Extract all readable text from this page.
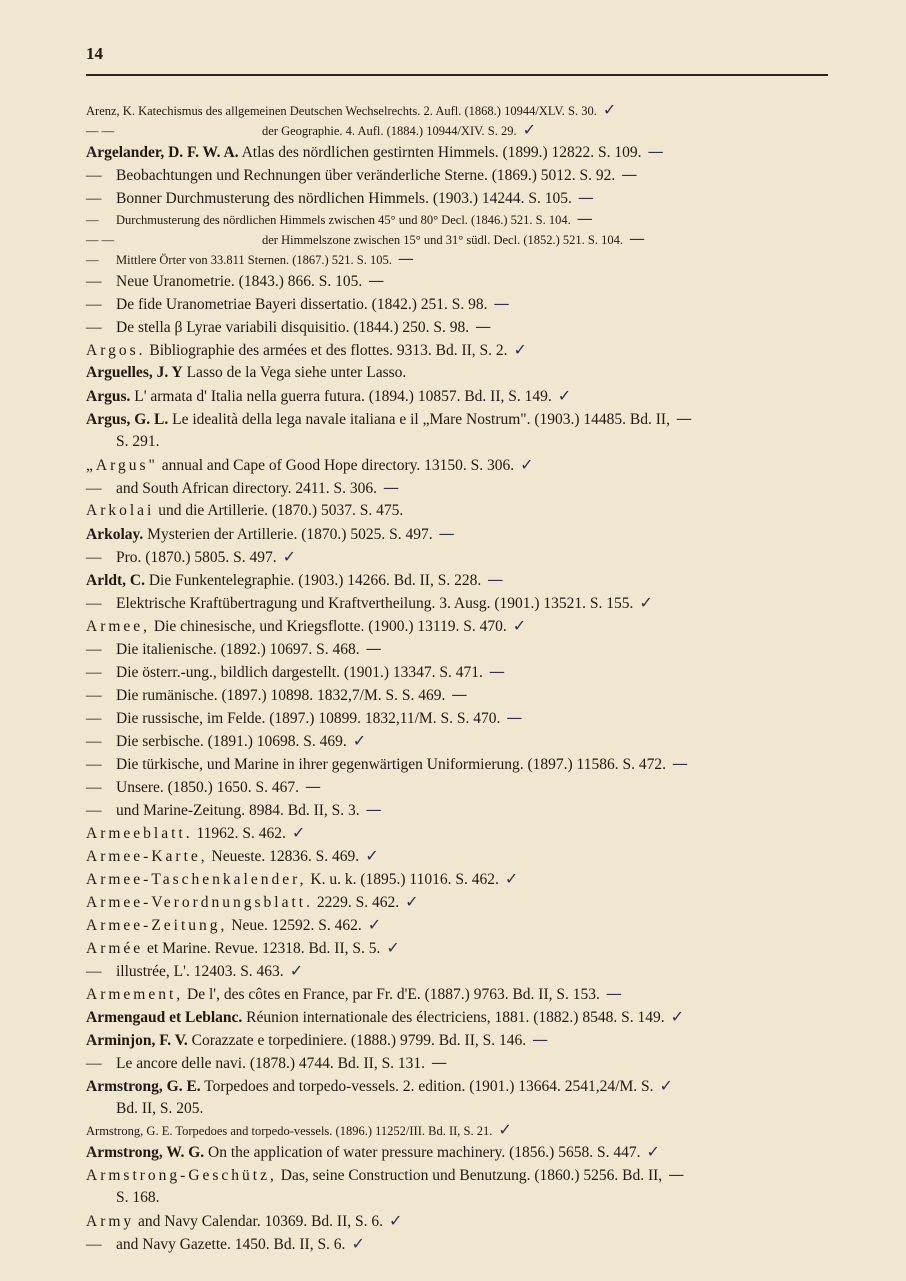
14
Arenz, K. Katechismus des allgemeinen Deutschen Wechselrechts. 2. Aufl. (1868.) 10944/XLV. S. 30. ✓
— —	der Geographie. 4. Aufl. (1884.) 10944/XIV. S. 29. ✓
Argelander, D. F. W. A. Atlas des nördlichen gestirnten Himmels. (1899.) 12822. S. 109. —
— Beobachtungen und Rechnungen über veränderliche Sterne. (1869.) 5012. S. 92. —
— Bonner Durchmusterung des nördlichen Himmels. (1903.) 14244. S. 105. —
— Durchmusterung des nördlichen Himmels zwischen 45° und 80° Decl. (1846.) 521. S. 104. —
— —	der Himmelszone zwischen 15° und 31° südl. Decl. (1852.) 521. S. 104. —
— Mittlere Örter von 33.811 Sternen. (1867.) 521. S. 105. —
— Neue Uranometrie. (1843.) 866. S. 105. —
— De fide Uranometriae Bayeri dissertatio. (1842.) 251. S. 98. —
— De stella β Lyrae variabili disquisitio. (1844.) 250. S. 98. —
Argos. Bibliographie des armées et des flottes. 9313. Bd. II, S. 2. ✓
Arguelles, J. Y Lasso de la Vega siehe unter Lasso.
Argus. L' armata d' Italia nella guerra futura. (1894.) 10857. Bd. II, S. 149. ✓
Argus, G. L. Le idealità della lega navale italiana e il „Mare Nostrum". (1903.) 14485. Bd. II, —
S. 291.
„Argus" annual and Cape of Good Hope directory. 13150. S. 306. ✓
— and South African directory. 2411. S. 306. —
Arkolai und die Artillerie. (1870.) 5037. S. 475.
Arkolay. Mysterien der Artillerie. (1870.) 5025. S. 497. —
— Pro. (1870.) 5805. S. 497. ✓
Arldt, C. Die Funkentelegraphie. (1903.) 14266. Bd. II, S. 228. —
— Elektrische Kraftübertragung und Kraftvertheilung. 3. Ausg. (1901.) 13521. S. 155. ✓
Armee, Die chinesische, und Kriegsflotte. (1900.) 13119. S. 470. ✓
— Die italienische. (1892.) 10697. S. 468. —
— Die österr.-ung., bildlich dargestellt. (1901.) 13347. S. 471. —
— Die rumänische. (1897.) 10898. 1832,7/M. S. S. 469. —
— Die russische, im Felde. (1897.) 10899. 1832,11/M. S. S. 470. —
— Die serbische. (1891.) 10698. S. 469. ✓
— Die türkische, und Marine in ihrer gegenwärtigen Uniformierung. (1897.) 11586. S. 472. —
— Unsere. (1850.) 1650. S. 467. —
— und Marine-Zeitung. 8984. Bd. II, S. 3. —
Armeeblatt. 11962. S. 462. ✓
Armee-Karte, Neueste. 12836. S. 469. ✓
Armee-Taschenkalender, K. u. k. (1895.) 11016. S. 462. ✓
Armee-Verordnungsblatt. 2229. S. 462. ✓
Armee-Zeitung, Neue. 12592. S. 462. ✓
Armée et Marine. Revue. 12318. Bd. II, S. 5. ✓
— illustrée, L'. 12403. S. 463. ✓
Armement, De l', des côtes en France, par Fr. d'E. (1887.) 9763. Bd. II, S. 153. —
Armengaud et Leblanc. Réunion internationale des électriciens, 1881. (1882.) 8548. S. 149. ✓
Arminjon, F. V. Corazzate e torpediniere. (1888.) 9799. Bd. II, S. 146. —
— Le ancore delle navi. (1878.) 4744. Bd. II, S. 131. —
Armstrong, G. E. Torpedoes and torpedo-vessels. 2. edition. (1901.) 13664. 2541,24/M. S. ✓
Bd. II, S. 205.
Armstrong, G. E. Torpedoes and torpedo-vessels. (1896.) 11252/III. Bd. II, S. 21. ✓
Armstrong, W. G. On the application of water pressure machinery. (1856.) 5658. S. 447. ✓
Armstrong-Geschütz, Das, seine Construction und Benutzung. (1860.) 5256. Bd. II, —
S. 168.
Army and Navy Calendar. 10369. Bd. II, S. 6. ✓
— and Navy Gazette. 1450. Bd. II, S. 6. ✓
